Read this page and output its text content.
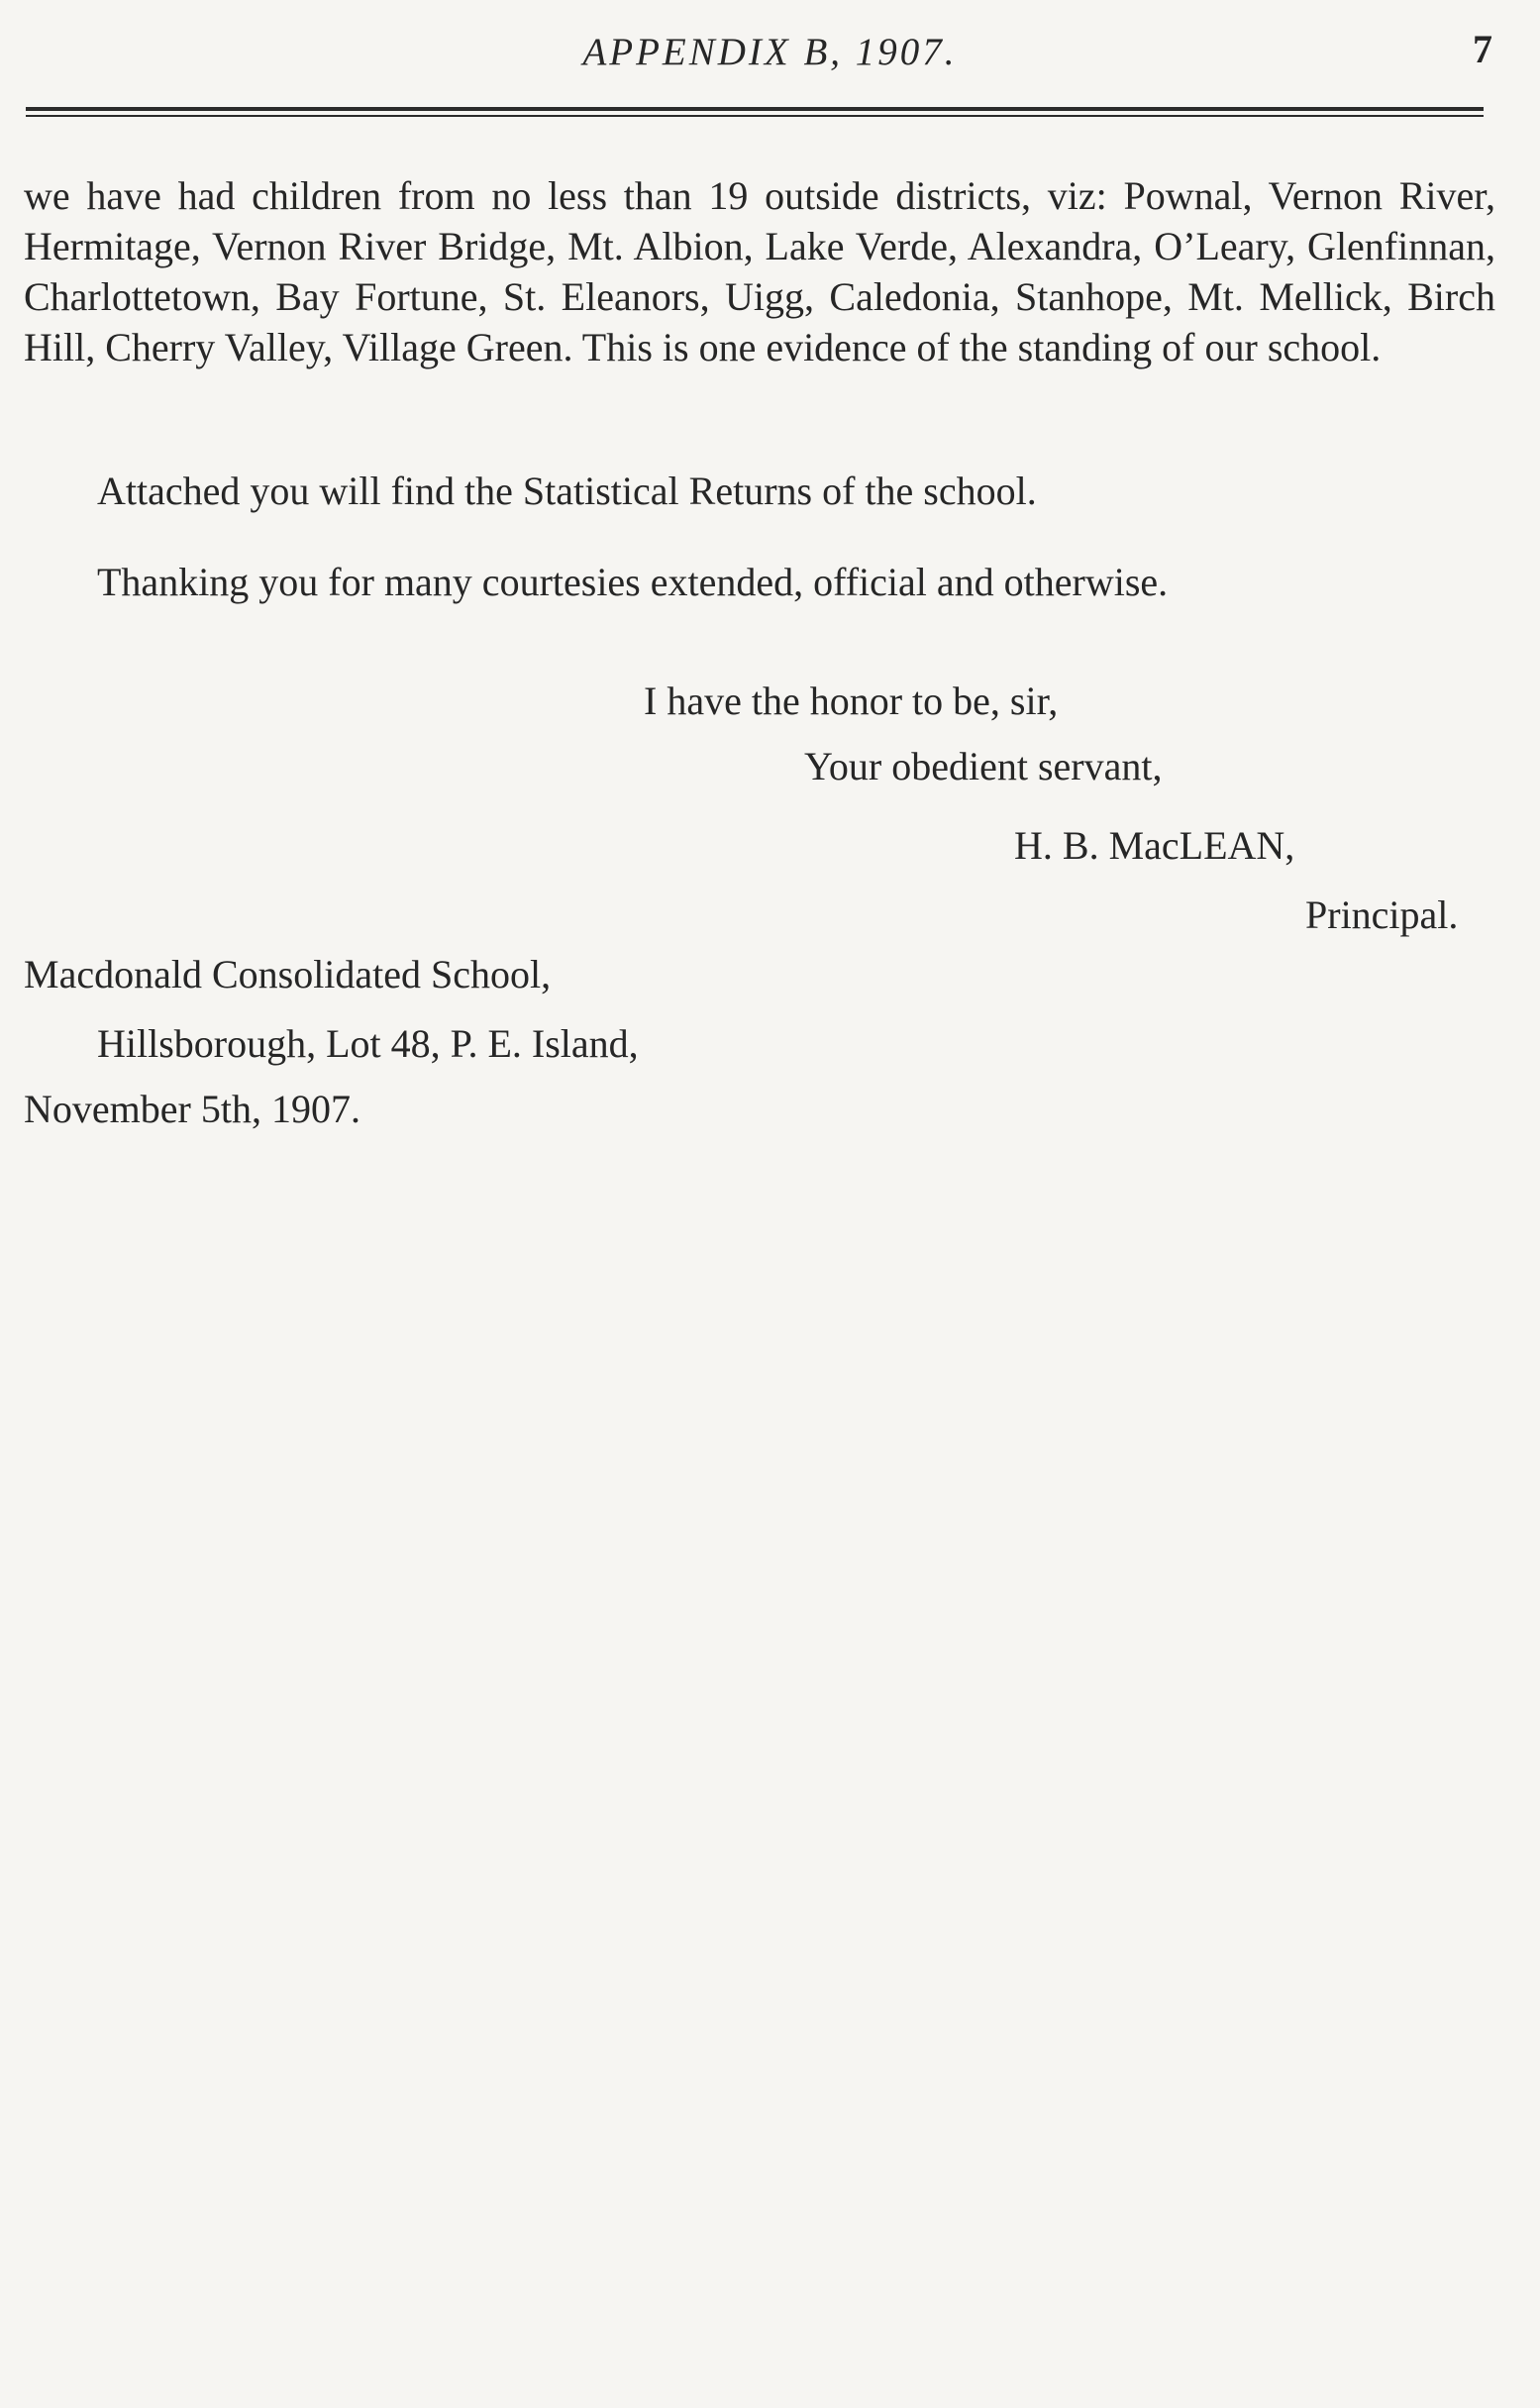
APPENDIX B, 1907.	7

we have had children from no less than 19 outside districts, viz: Pownal, Vernon River, Hermitage, Vernon River Bridge, Mt. Albion, Lake Verde, Alexandra, O’Leary, Glenfinnan, Charlottetown, Bay Fortune, St. Eleanors, Uigg, Caledonia, Stanhope, Mt. Mellick, Birch Hill, Cherry Valley, Village Green. This is one evidence of the standing of our school.

Attached you will find the Statistical Returns of the school.
Thanking you for many courtesies extended, official and otherwise.
I have the honor to be, sir,
Your obedient servant,
H. B. MacLEAN,
Principal.
Macdonald Consolidated School,
Hillsborough, Lot 48, P. E. Island,
November 5th, 1907.
